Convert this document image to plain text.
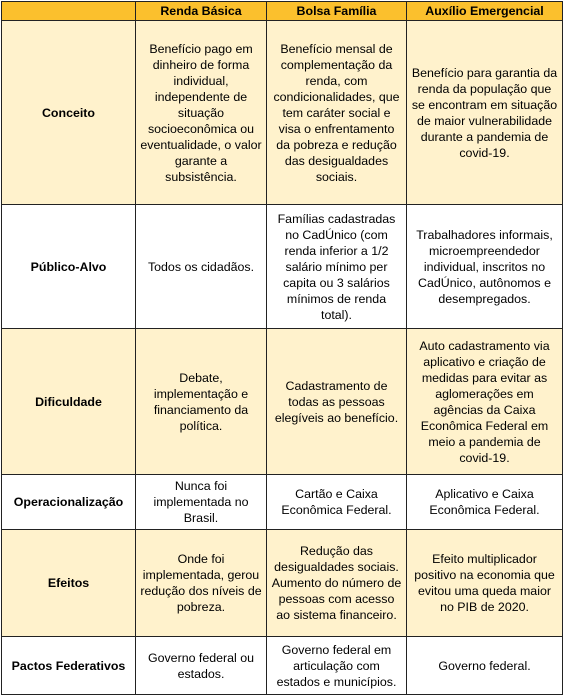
	Renda Básica	Bolsa Família	Auxílio Emergencial
Conceito	Benefício pago em dinheiro de forma individual, independente de situação socioeconômica ou eventualidade, o valor garante a subsistência.	Benefício mensal de complementação da renda, com condicionalidades, que tem caráter social e visa o enfrentamento da pobreza e redução das desigualdades sociais.	Benefício para garantia da renda da população que se encontram em situação de maior vulnerabilidade durante a pandemia de covid-19.
Público-Alvo	Todos os cidadãos.	Famílias cadastradas no CadÚnico (com renda inferior a 1/2 salário mínimo per capita ou 3 salários mínimos de renda total).	Trabalhadores informais, microempreendedor individual, inscritos no CadÚnico, autônomos e desempregados.
Dificuldade	Debate, implementação e financiamento da política.	Cadastramento de todas as pessoas elegíveis ao benefício.	Auto cadastramento via aplicativo e criação de medidas para evitar as aglomerações em agências da Caixa Econômica Federal em meio a pandemia de covid-19.
Operacionalização	Nunca foi implementada no Brasil.	Cartão e Caixa Econômica Federal.	Aplicativo e Caixa Econômica Federal.
Efeitos	Onde foi implementada, gerou redução dos níveis de pobreza.	Redução das desigualdades sociais. Aumento do número de pessoas com acesso ao sistema financeiro.	Efeito multiplicador positivo na economia que evitou uma queda maior no PIB de 2020.
Pactos Federativos	Governo federal ou estados.	Governo federal em articulação com estados e municípios.	Governo federal.
